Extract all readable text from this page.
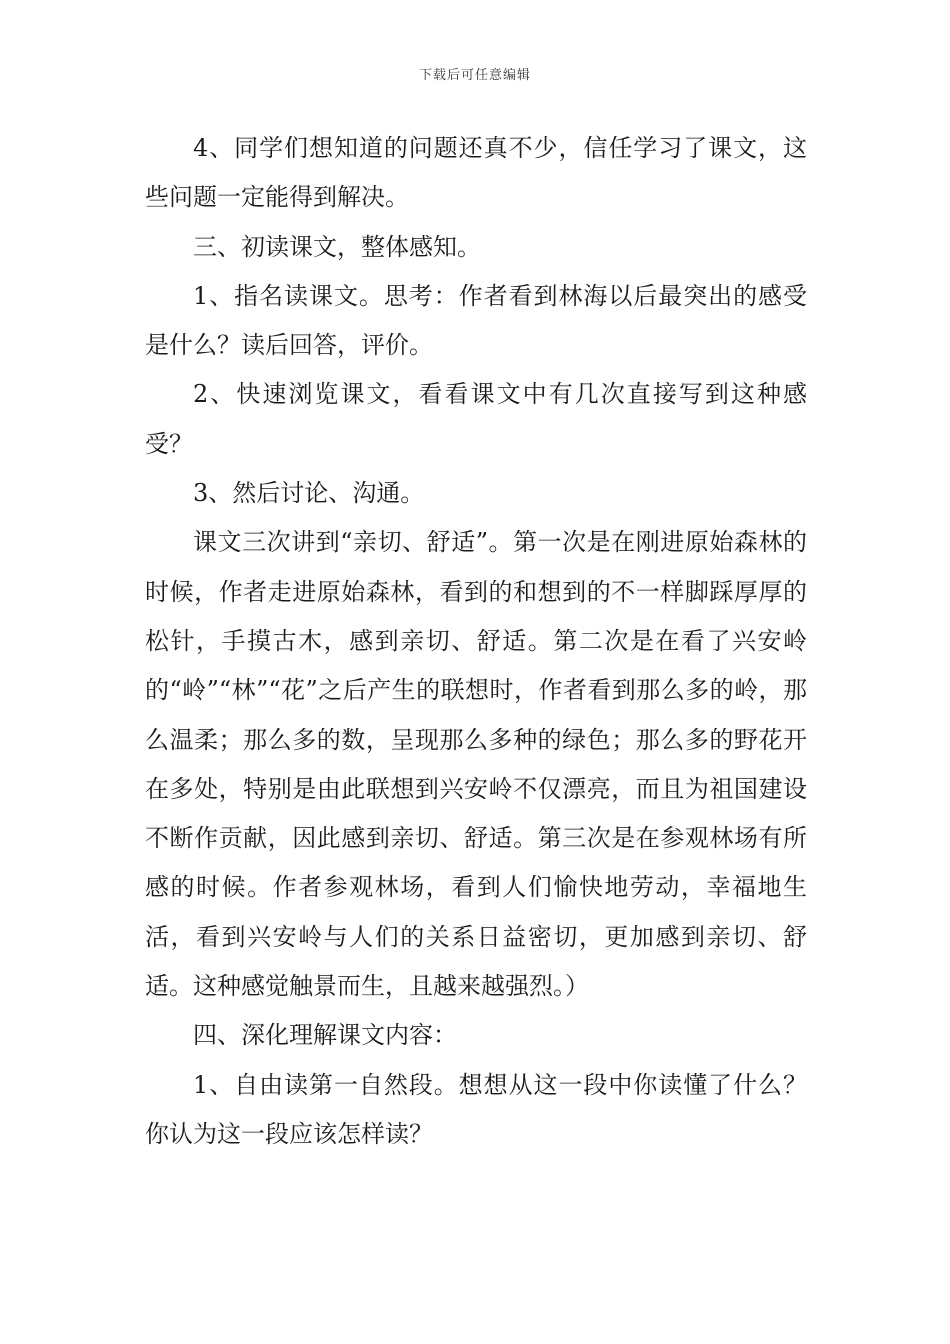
下载后可任意编辑

4、同学们想知道的问题还真不少，信任学习了课文，这些问题一定能得到解决。

三、初读课文，整体感知。

1、指名读课文。思考：作者看到林海以后最突出的感受是什么？读后回答，评价。

2、快速浏览课文，看看课文中有几次直接写到这种感受？

3、然后讨论、沟通。

课文三次讲到“亲切、舒适”。第一次是在刚进原始森林的时候，作者走进原始森林，看到的和想到的不一样脚踩厚厚的松针，手摸古木，感到亲切、舒适。第二次是在看了兴安岭的“岭”“林”“花”之后产生的联想时，作者看到那么多的岭，那么温柔；那么多的数，呈现那么多种的绿色；那么多的野花开在多处，特别是由此联想到兴安岭不仅漂亮，而且为祖国建设不断作贡献，因此感到亲切、舒适。第三次是在参观林场有所感的时候。作者参观林场，看到人们愉快地劳动，幸福地生活，看到兴安岭与人们的关系日益密切，更加感到亲切、舒适。这种感觉触景而生，且越来越强烈。）

四、深化理解课文内容：

1、自由读第一自然段。想想从这一段中你读懂了什么？你认为这一段应该怎样读？
